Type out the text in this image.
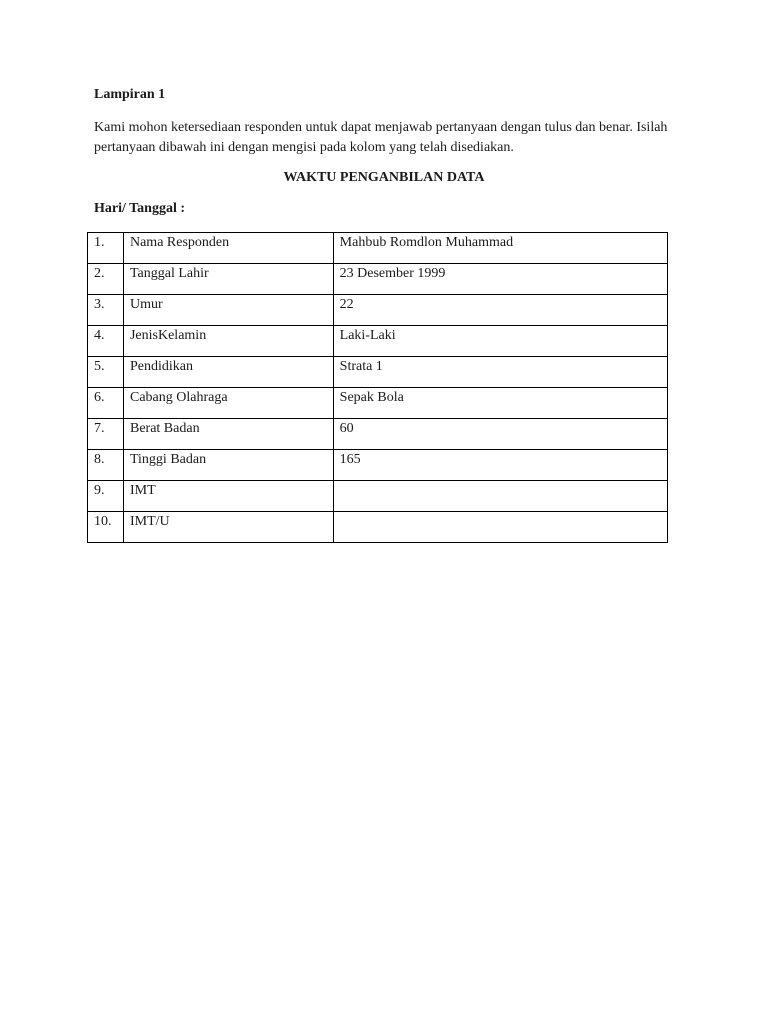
Lampiran 1

Kami mohon ketersediaan responden untuk dapat menjawab pertanyaan dengan tulus dan benar. Isilah pertanyaan dibawah ini dengan mengisi pada kolom yang telah disediakan.

WAKTU PENGANBILAN DATA

Hari/ Tanggal :

1.	Nama Responden	Mahbub Romdlon Muhammad
2.	Tanggal Lahir	23 Desember 1999
3.	Umur	22
4.	JenisKelamin	Laki-Laki
5.	Pendidikan	Strata 1
6.	Cabang Olahraga	Sepak Bola
7.	Berat Badan	60
8.	Tinggi Badan	165
9.	IMT	
10.	IMT/U	
